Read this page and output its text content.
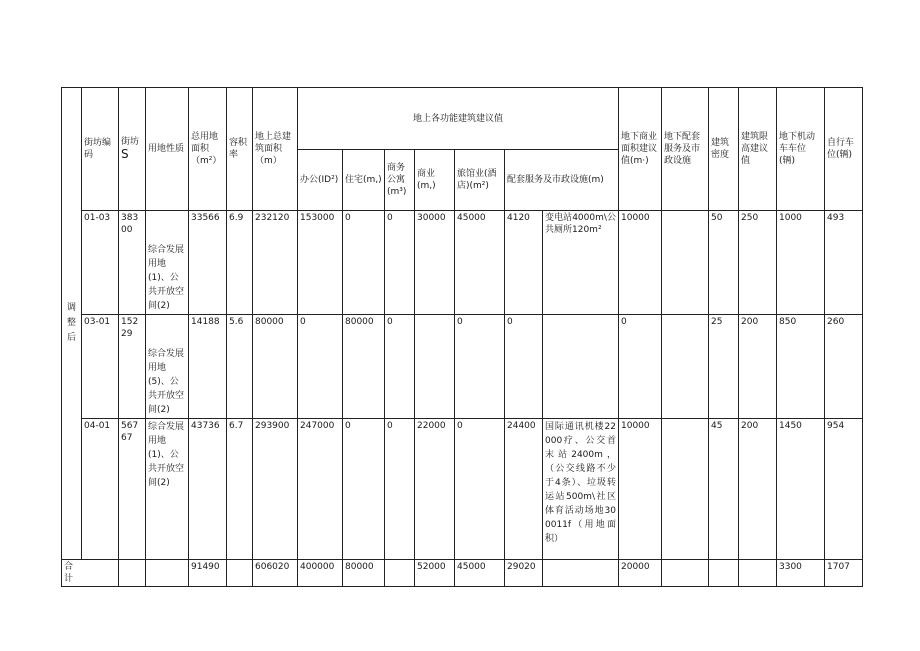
调整后	街坊编码	街坊S	用地性质	总用地面积（m²）	容积率	地上总建筑面积（m）	地上各功能建筑建议值							地下商业面积建议值(m·)	地下配套服务及市政设施	建筑密度	建筑限高建议值	地下机动车车位(辆)	自行车位(辆)
							办公(ID²)	住宅(m,)	商务公寓(m³)	商业(m,)	旅馆业(酒店)(m²)	配套服务及市政设施(m)							
	01-03	38300	综合发展用地(1)、公共开放空间(2)	33566	6.9	232120	153000	0	0	30000	45000	4120	变电站4000m\公共厕所120m²	10000		50	250	1000	493
	03-01	15229	综合发展用地(5)、公共开放空间(2)	14188	5.6	80000	0	80000	0		0	0		0		25	200	850	260
	04-01	56767	综合发展用地(1)、公共开放空间(2)	43736	6.7	293900	247000	0	0	22000	0	24400	国际通讯机楼22000疗、公交首末站2400m，（公交线路不少于4条）、垃圾转运站500m\社区体育活动场地300011f（用地面积）	10000		45	200	1450	954
合计				91490		606020	400000	80000		52000	45000	29020		20000				3300	1707
